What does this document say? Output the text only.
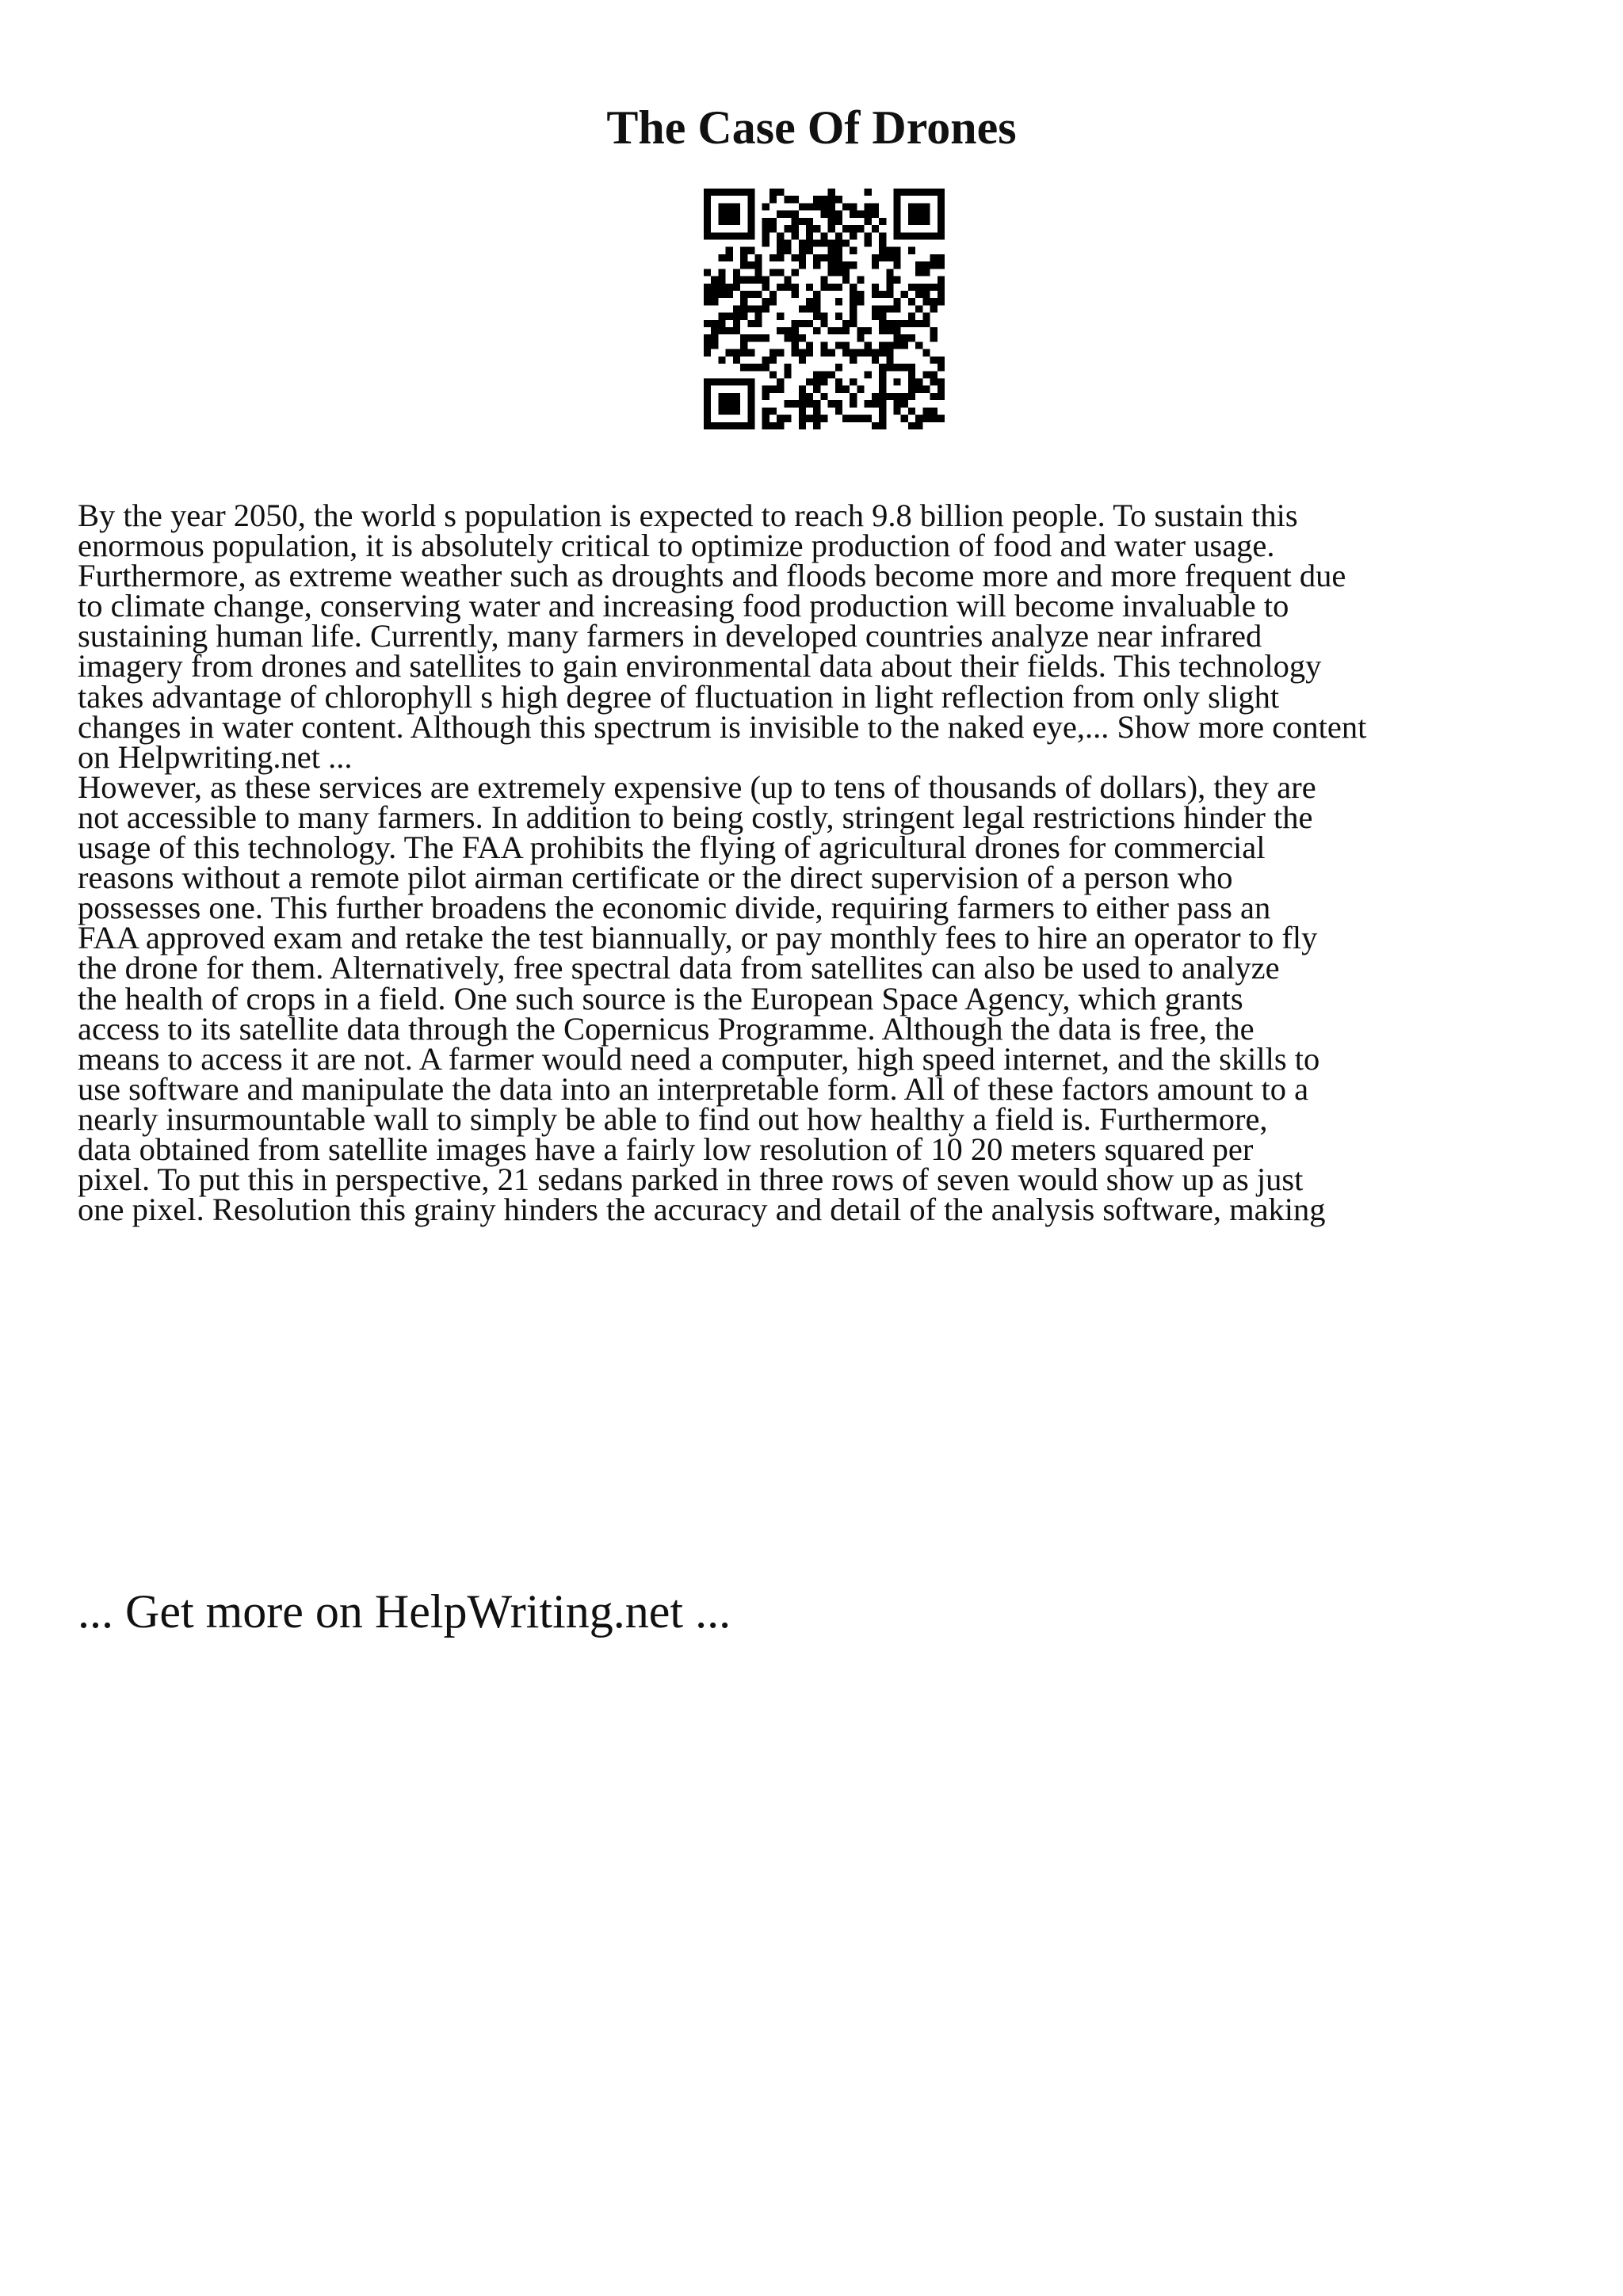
The Case Of Drones
By the year 2050, the world s population is expected to reach 9.8 billion people. To sustain this
enormous population, it is absolutely critical to optimize production of food and water usage.
Furthermore, as extreme weather such as droughts and floods become more and more frequent due
to climate change, conserving water and increasing food production will become invaluable to
sustaining human life. Currently, many farmers in developed countries analyze near infrared
imagery from drones and satellites to gain environmental data about their fields. This technology
takes advantage of chlorophyll s high degree of fluctuation in light reflection from only slight
changes in water content. Although this spectrum is invisible to the naked eye,... Show more content
on Helpwriting.net ...
However, as these services are extremely expensive (up to tens of thousands of dollars), they are
not accessible to many farmers. In addition to being costly, stringent legal restrictions hinder the
usage of this technology. The FAA prohibits the flying of agricultural drones for commercial
reasons without a remote pilot airman certificate or the direct supervision of a person who
possesses one. This further broadens the economic divide, requiring farmers to either pass an
FAA approved exam and retake the test biannually, or pay monthly fees to hire an operator to fly
the drone for them. Alternatively, free spectral data from satellites can also be used to analyze
the health of crops in a field. One such source is the European Space Agency, which grants
access to its satellite data through the Copernicus Programme. Although the data is free, the
means to access it are not. A farmer would need a computer, high speed internet, and the skills to
use software and manipulate the data into an interpretable form. All of these factors amount to a
nearly insurmountable wall to simply be able to find out how healthy a field is. Furthermore,
data obtained from satellite images have a fairly low resolution of 10 20 meters squared per
pixel. To put this in perspective, 21 sedans parked in three rows of seven would show up as just
one pixel. Resolution this grainy hinders the accuracy and detail of the analysis software, making

... Get more on HelpWriting.net ...
